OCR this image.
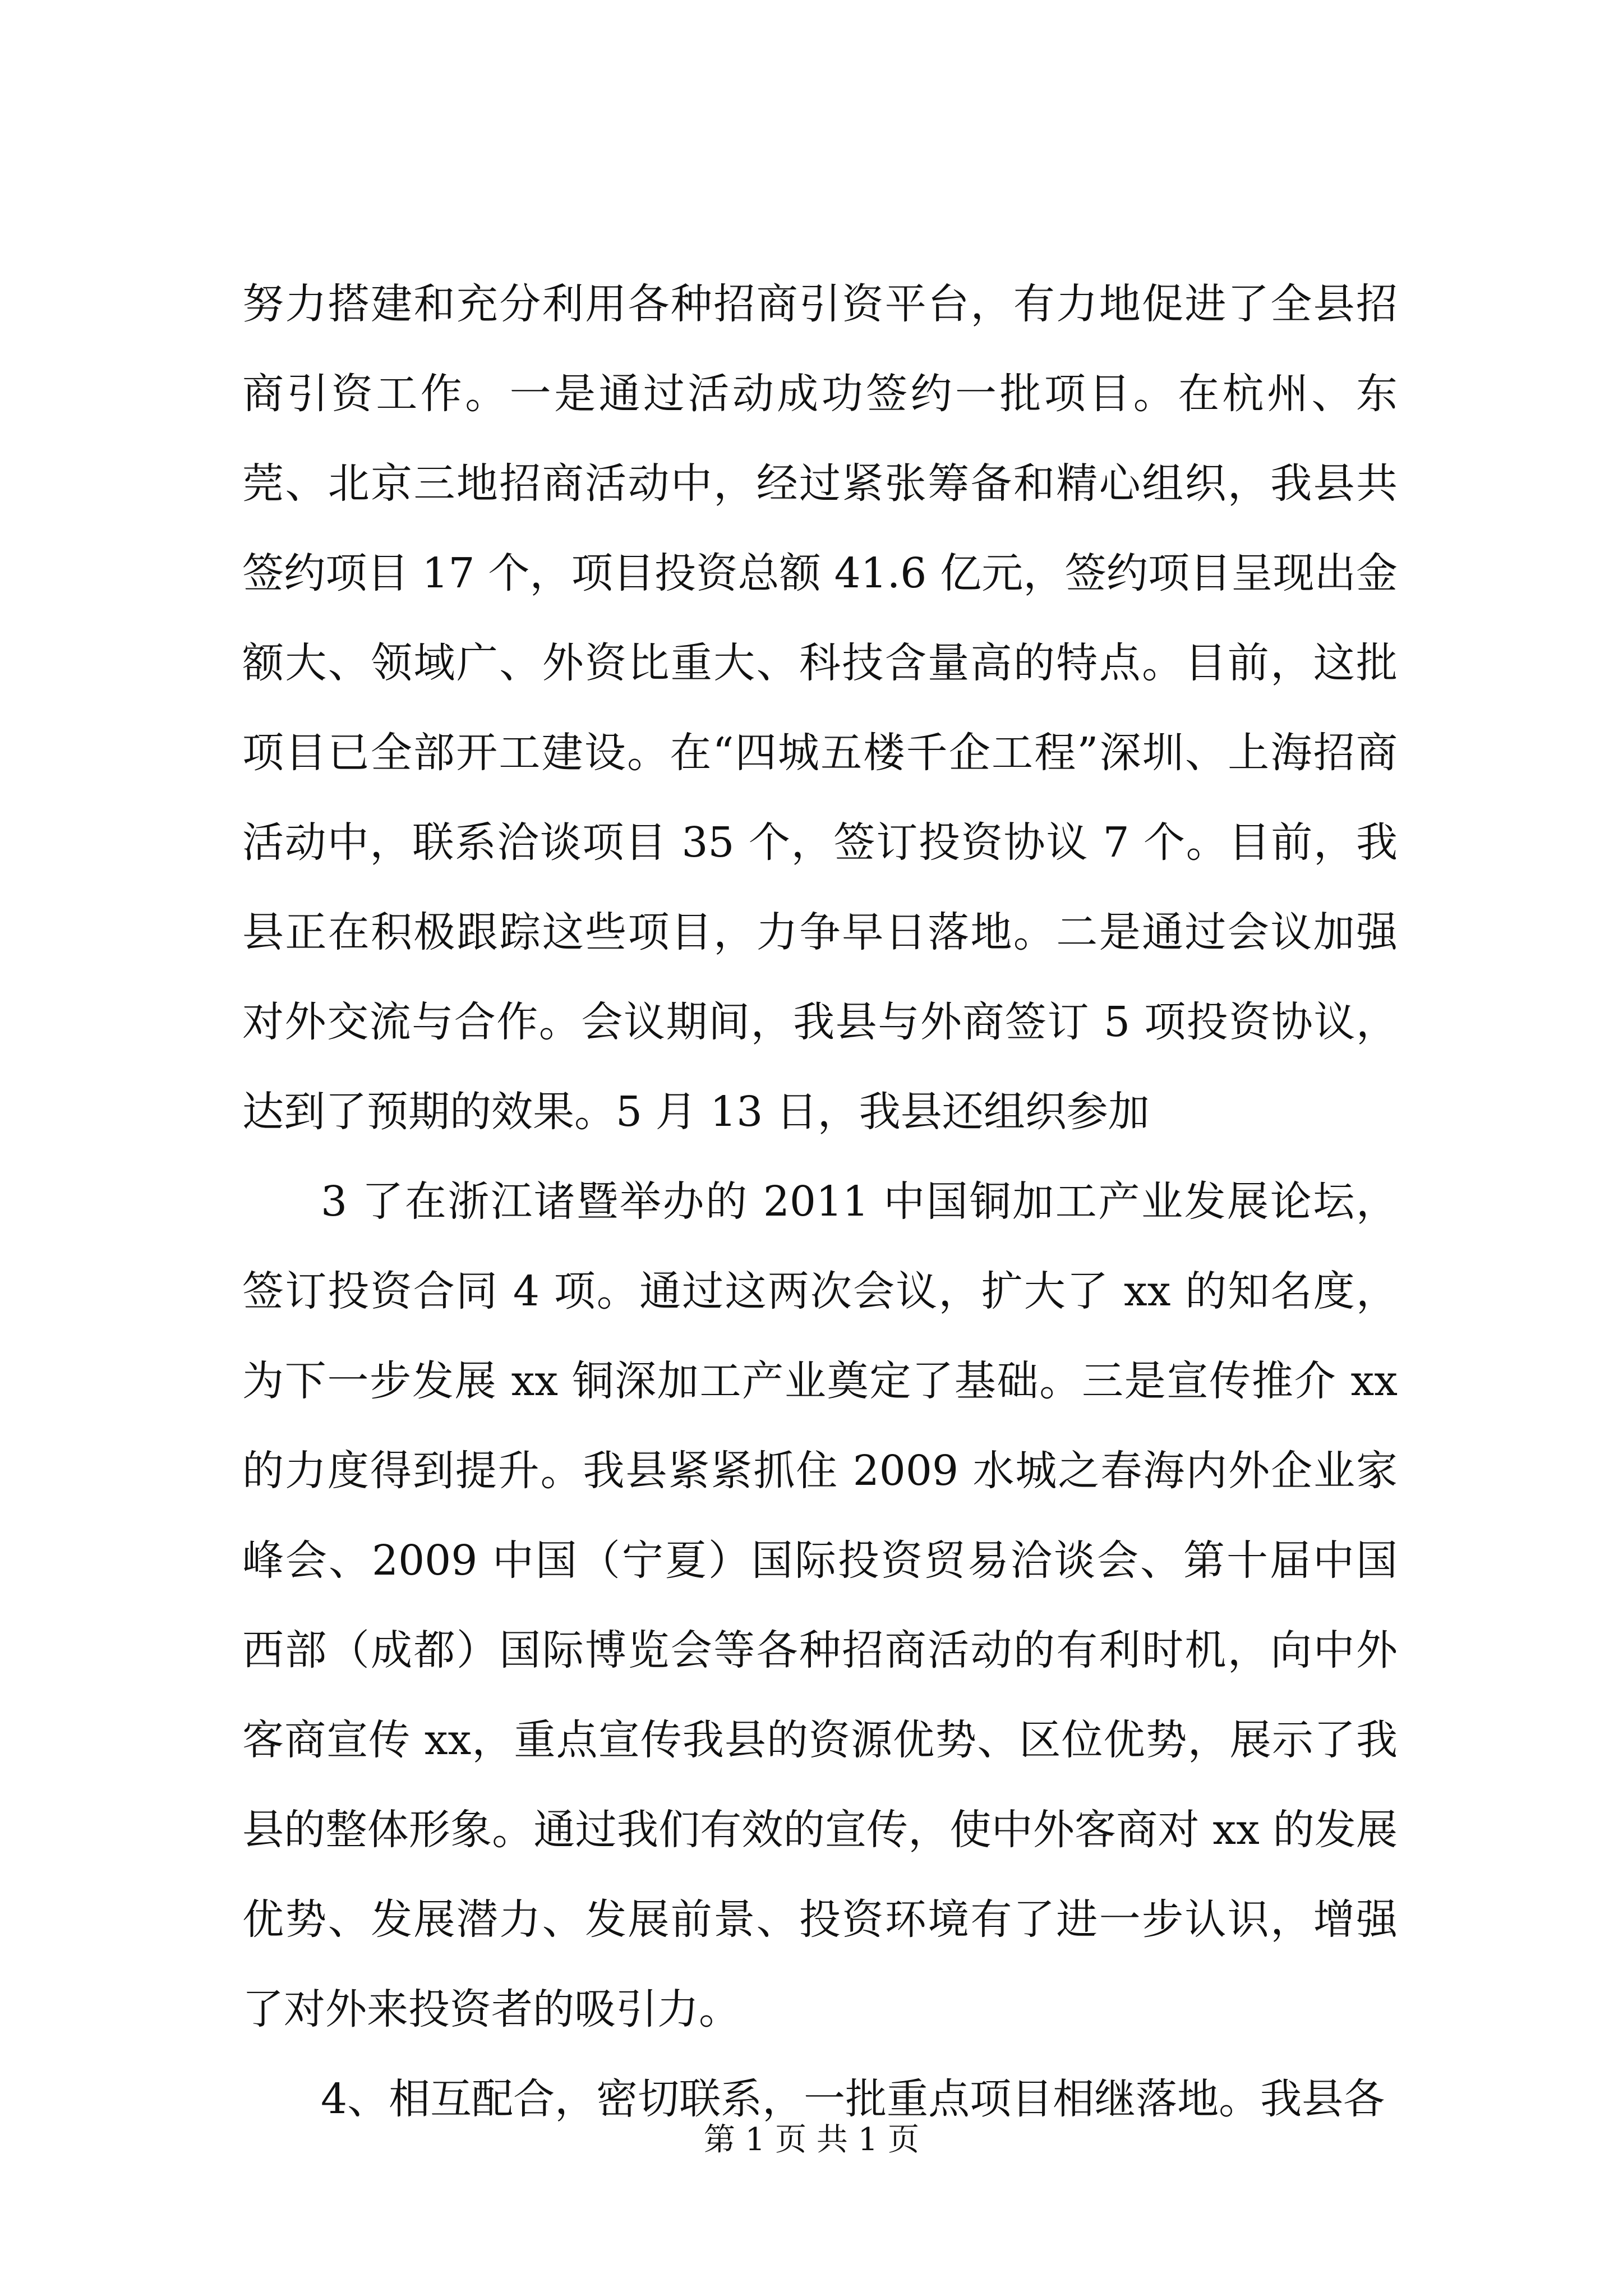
努力搭建和充分利用各种招商引资平台，有力地促进了全县招商引资工作。一是通过活动成功签约一批项目。在杭州、东莞、北京三地招商活动中，经过紧张筹备和精心组织，我县共签约项目 17 个，项目投资总额 41.6 亿元，签约项目呈现出金额大、领域广、外资比重大、科技含量高的特点。目前，这批项目已全部开工建设。在“四城五楼千企工程”深圳、上海招商活动中，联系洽谈项目 35 个，签订投资协议 7 个。目前，我县正在积极跟踪这些项目，力争早日落地。二是通过会议加强对外交流与合作。会议期间，我县与外商签订 5 项投资协议，达到了预期的效果。5 月 13 日，我县还组织参加

3 了在浙江诸暨举办的 2011 中国铜加工产业发展论坛，签订投资合同 4 项。通过这两次会议，扩大了 xx 的知名度，为下一步发展 xx 铜深加工产业奠定了基础。三是宣传推介 xx 的力度得到提升。我县紧紧抓住 2009 水城之春海内外企业家峰会、2009 中国（宁夏）国际投资贸易洽谈会、第十届中国西部（成都）国际博览会等各种招商活动的有利时机，向中外客商宣传 xx，重点宣传我县的资源优势、区位优势，展示了我县的整体形象。通过我们有效的宣传，使中外客商对 xx 的发展优势、发展潜力、发展前景、投资环境有了进一步认识，增强了对外来投资者的吸引力。

4、相互配合，密切联系，一批重点项目相继落地。我县各

第 1 页 共 1 页
